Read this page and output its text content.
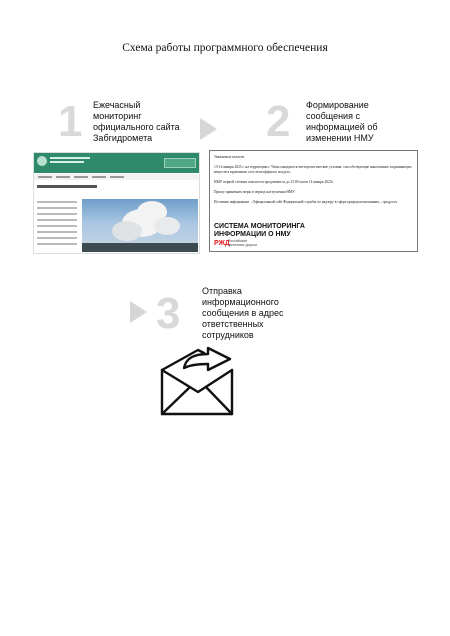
Схема работы программного обеспечения
1 Ежечасный
мониторинг
официального сайта
Забгидромета	2 Формирование
сообщения с
информацией об
изменении НМУ
Уважаемые коллеги
13-14 января 2025 г. на территории г. Читы ожидаются метеорологические условия, способствующие накоплению загрязняющих
веществ в приземном слое атмосферного воздуха.
НМУ первой степени опасности продлевается до 23:00 часов 14 января 2025г.
Прошу принимать меры в период наступления НМУ.
Источник информации – Официальный сайт Федеральной службы по надзору в сфере природопользования – rpn.gov.ru
СИСТЕМА МОНИТОРИНГА
ИНФОРМАЦИИ О НМУ
РЖД
Российские
железные дороги
3 Отправка
информационного
сообщения в адрес
ответственных
сотрудников
